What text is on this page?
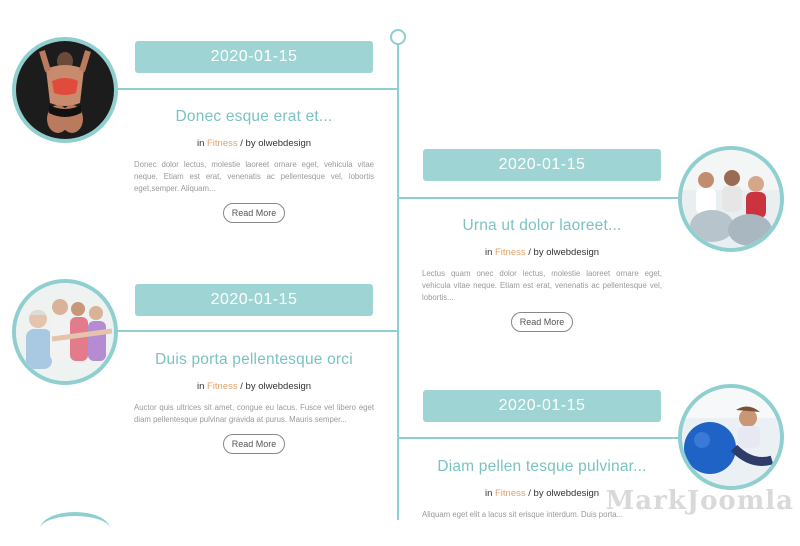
2020-01-15
Donec esque erat et...
in Fitness / by olwebdesign
Donec dolor lectus, molestie laoreet ornare eget, vehicula vitae neque. Etiam est erat, venenatis ac pellentesque vel, lobortis eget,semper. Aliquam...
Read More
2020-01-15
Urna ut dolor laoreet...
in Fitness / by olwebdesign
Lectus quam onec dolor lectus, molestie laoreet ornare eget, vehicula vitae neque. Etiam est erat, venenatis ac pellentesque vel, lobortis...
Read More
2020-01-15
Duis porta pellentesque orci
in Fitness / by olwebdesign
Auctor quis ultrices sit amet, congue eu lacus. Fusce vel libero eget diam pellentesque pulvinar gravida at purus. Mauris semper...
Read More
2020-01-15
Diam pellen tesque pulvinar...
in Fitness / by olwebdesign
Aliquam eget elit a lacus sit erisque interdum. Duis porta...
MarkJoomla
